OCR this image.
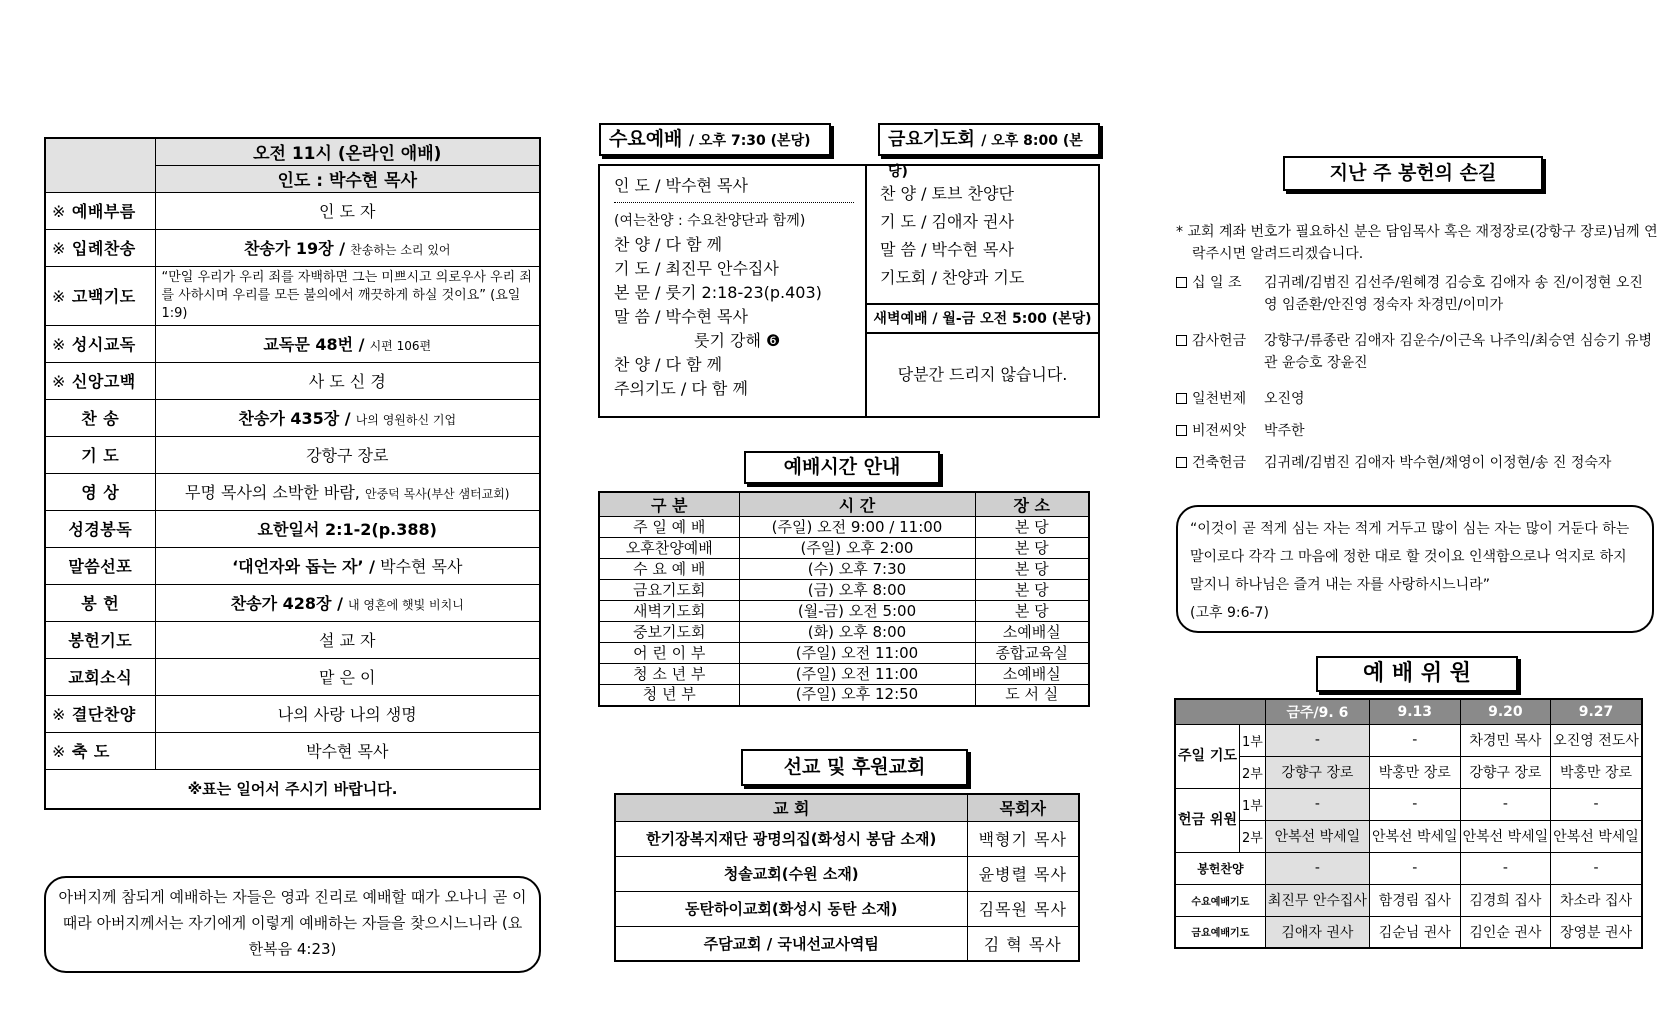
	오전 11시 (온라인 애배)
	인도 : 박수현 목사
※ 예배부름	인 도 자
※ 입례찬송	찬송가 19장 / 찬송하는 소리 있어
※ 고백기도	“만일 우리가 우리 죄를 자백하면 그는 미쁘시고 의로우사 우리 죄를 사하시며 우리를 모든 불의에서 깨끗하게 하실 것이요” (요일 1:9)
※ 성시교독	교독문 48번 / 시편 106편
※ 신앙고백	사 도 신 경
찬 송	찬송가 435장 / 나의 영원하신 기업
기 도	강항구 장로
영 상	무명 목사의 소박한 바람, 안중덕 목사(부산 샘터교회)
성경봉독	요한일서 2:1-2(p.388)
말씀선포	‘대언자와 돕는 자’ / 박수현 목사
봉 헌	찬송가 428장 / 내 영혼에 햇빛 비치니
봉헌기도	설 교 자
교회소식	맡 은 이
※ 결단찬양	나의 사랑 나의 생명
※ 축 도	박수현 목사
※표는 일어서 주시기 바랍니다.	
아버지께 참되게 예배하는 자들은 영과 진리로 예배할 때가 오나니 곧 이 때라 아버지께서는 자기에게 이렇게 예배하는 자들을 찾으시느니라 (요한복음 4:23)
수요예배 / 오후 7:30 (본당)	금요기도회 / 오후 8:00 (본당)
인 도 / 박수현 목사
(여는찬양 : 수요찬양단과 함께)
찬 양 / 다 함 께
기 도 / 최진무 안수집사
본 문 / 룻기 2:18-23(p.403)
말 씀 / 박수현 목사
룻기 강해 ❻
찬 양 / 다 함 께
주의기도 / 다 함 께
찬 양 / 토브 찬양단
기 도 / 김애자 권사
말 씀 / 박수현 목사
기도회 / 찬양과 기도
새벽예배 / 월-금 오전 5:00 (본당)
당분간 드리지 않습니다.
예배시간 안내
구 분	시 간	장 소
주 일 예 배	(주일) 오전 9:00 / 11:00	본 당
오후찬양예배	(주일) 오후 2:00	본 당
수 요 예 배	(수) 오후 7:30	본 당
금요기도회	(금) 오후 8:00	본 당
새벽기도회	(월-금) 오전 5:00	본 당
중보기도회	(화) 오후 8:00	소예배실
어 린 이 부	(주일) 오전 11:00	종합교육실
청 소 년 부	(주일) 오전 11:00	소예배실
청 년 부	(주일) 오후 12:50	도 서 실
선교 및 후원교회
교 회	목회자
한기장복지재단 광명의집(화성시 봉담 소재)	백형기 목사
청솔교회(수원 소재)	윤병렬 목사
동탄하이교회(화성시 동탄 소재)	김목원 목사
주담교회 / 국내선교사역팀	김 혁 목사
지난 주 봉헌의 손길
* 교회 계좌 번호가 필요하신 분은 담임목사 혹은 재정장로(강항구 장로)님께 연락주시면 알려드리겠습니다.
십 일 조 김귀례/김범진 김선주/원혜경 김승호 김애자 송 진/이정현 오진영 임준환/안진영 정숙자 차경민/이미가
감사헌금 강향구/류종란 김애자 김운수/이근옥 나주익/최승연 심승기 유병관 윤승호 장윤진
일천번제 오진영
비전씨앗 박주한
건축헌금 김귀례/김범진 김애자 박수현/채영이 이정현/송 진 정숙자
“이것이 곧 적게 심는 자는 적게 거두고 많이 심는 자는 많이 거둔다 하는 말이로다 각각 그 마음에 정한 대로 할 것이요 인색함으로나 억지로 하지 말지니 하나님은 즐겨 내는 자를 사랑하시느니라”
(고후 9:6-7)
예 배 위 원
		금주/9. 6	9.13	9.20	9.27
주일 기도	1부	-	-	차경민 목사	오진영 전도사
	2부	강향구 장로	박홍만 장로	강향구 장로	박홍만 장로
헌금 위원	1부	-	-	-	-
	2부	안복선 박세일	안복선 박세일	안복선 박세일	안복선 박세일
봉헌찬양		-	-	-	-
수요예배기도		최진무 안수집사	함경림 집사	김경희 집사	차소라 집사
금요예배기도		김애자 권사	김순님 권사	김인순 권사	장영분 권사
